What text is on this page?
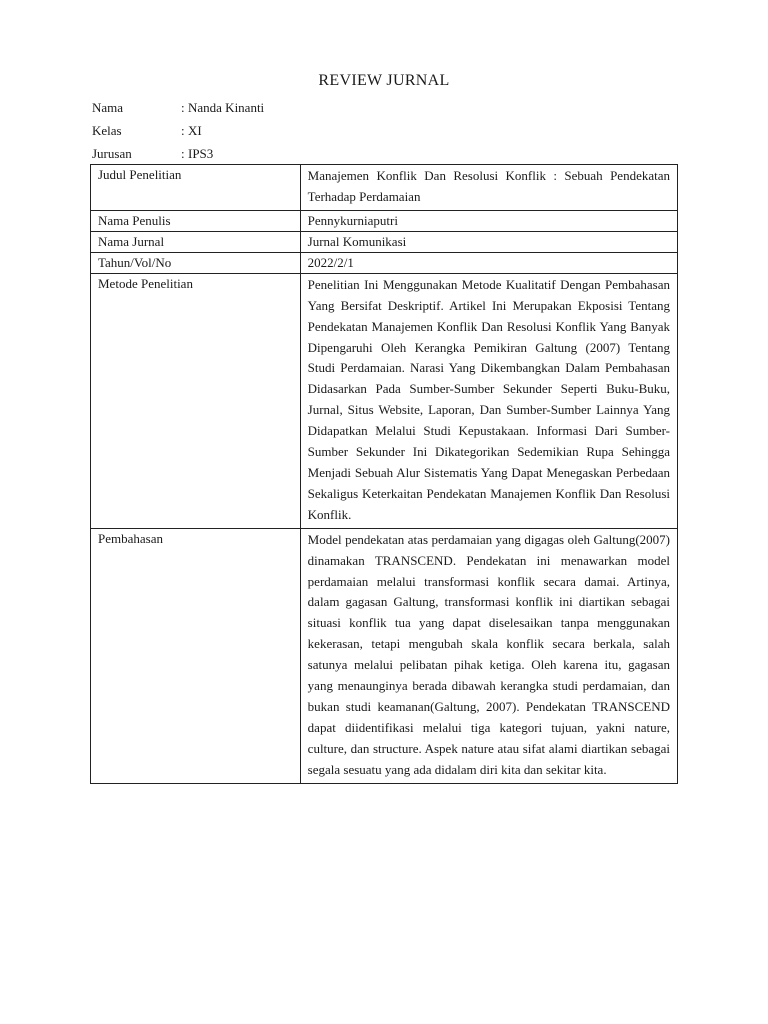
REVIEW JURNAL
Nama	: Nanda Kinanti
Kelas	: XI
Jurusan	: IPS3
Judul Penelitian	Manajemen Konflik Dan Resolusi Konflik : Sebuah Pendekatan Terhadap Perdamaian
Nama Penulis	Pennykurniaputri
Nama Jurnal	Jurnal Komunikasi
Tahun/Vol/No	2022/2/1
Metode Penelitian	Penelitian Ini Menggunakan Metode Kualitatif Dengan Pembahasan Yang Bersifat Deskriptif. Artikel Ini Merupakan Ekposisi Tentang Pendekatan Manajemen Konflik Dan Resolusi Konflik Yang Banyak Dipengaruhi Oleh Kerangka Pemikiran Galtung (2007) Tentang Studi Perdamaian. Narasi Yang Dikembangkan Dalam Pembahasan Didasarkan Pada Sumber-Sumber Sekunder Seperti Buku-Buku, Jurnal, Situs Website, Laporan, Dan Sumber-Sumber Lainnya Yang Didapatkan Melalui Studi Kepustakaan. Informasi Dari Sumber-Sumber Sekunder Ini Dikategorikan Sedemikian Rupa Sehingga Menjadi Sebuah Alur Sistematis Yang Dapat Menegaskan Perbedaan Sekaligus Keterkaitan Pendekatan Manajemen Konflik Dan Resolusi Konflik.
Pembahasan	Model pendekatan atas perdamaian yang digagas oleh Galtung(2007) dinamakan TRANSCEND. Pendekatan ini menawarkan model perdamaian melalui transformasi konflik secara damai. Artinya, dalam gagasan Galtung, transformasi konflik ini diartikan sebagai situasi konflik tua yang dapat diselesaikan tanpa menggunakan kekerasan, tetapi mengubah skala konflik secara berkala, salah satunya melalui pelibatan pihak ketiga. Oleh karena itu, gagasan yang menaunginya berada dibawah kerangka studi perdamaian, dan bukan studi keamanan(Galtung, 2007). Pendekatan TRANSCEND dapat diidentifikasi melalui tiga kategori tujuan, yakni nature, culture, dan structure. Aspek nature atau sifat alami diartikan sebagai segala sesuatu yang ada didalam diri kita dan sekitar kita.
